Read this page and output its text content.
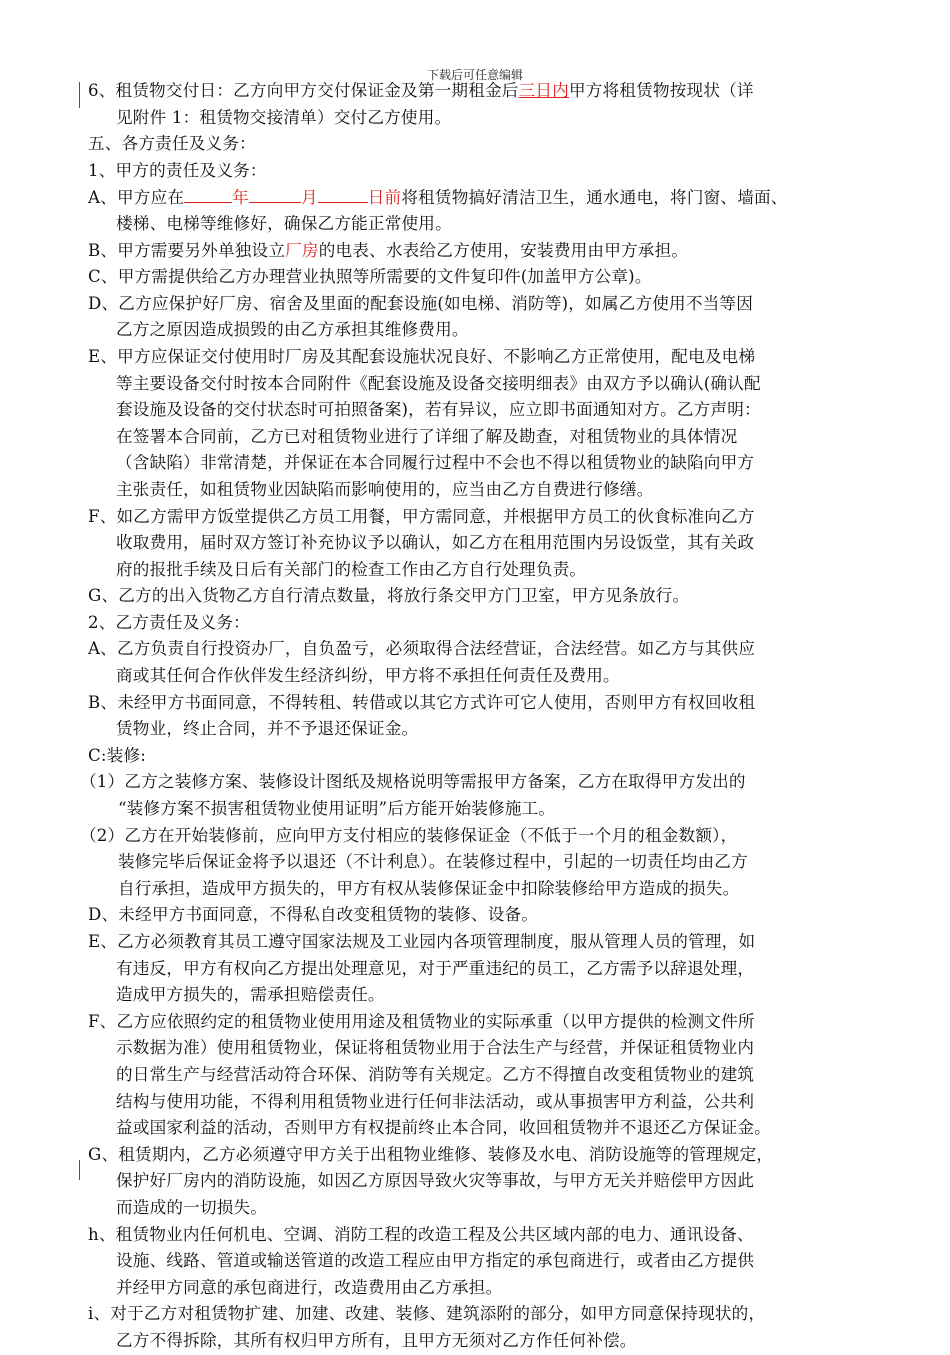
下载后可任意编辑
6、租赁物交付日：乙方向甲方交付保证金及第一期租金后三日内甲方将租赁物按现状（详
见附件 1：租赁物交接清单）交付乙方使用。
五、各方责任及义务：
1、甲方的责任及义务：
A、甲方应在	年	月	日前将租赁物搞好清洁卫生，通水通电，将门窗、墙面、
楼梯、电梯等维修好，确保乙方能正常使用。
B、甲方需要另外单独设立厂房的电表、水表给乙方使用，安装费用由甲方承担。
C、甲方需提供给乙方办理营业执照等所需要的文件复印件(加盖甲方公章)。
D、乙方应保护好厂房、宿舍及里面的配套设施(如电梯、消防等)，如属乙方使用不当等因
乙方之原因造成损毁的由乙方承担其维修费用。
E、甲方应保证交付使用时厂房及其配套设施状况良好、不影响乙方正常使用，配电及电梯
等主要设备交付时按本合同附件《配套设施及设备交接明细表》由双方予以确认(确认配
套设施及设备的交付状态时可拍照备案)，若有异议，应立即书面通知对方。乙方声明：
在签署本合同前，乙方已对租赁物业进行了详细了解及勘查，对租赁物业的具体情况
（含缺陷）非常清楚，并保证在本合同履行过程中不会也不得以租赁物业的缺陷向甲方
主张责任，如租赁物业因缺陷而影响使用的，应当由乙方自费进行修缮。
F、如乙方需甲方饭堂提供乙方员工用餐，甲方需同意，并根据甲方员工的伙食标准向乙方
收取费用，届时双方签订补充协议予以确认，如乙方在租用范围内另设饭堂，其有关政
府的报批手续及日后有关部门的检查工作由乙方自行处理负责。
G、乙方的出入货物乙方自行清点数量，将放行条交甲方门卫室，甲方见条放行。
2、乙方责任及义务：
A、乙方负责自行投资办厂，自负盈亏，必须取得合法经营证，合法经营。如乙方与其供应
商或其任何合作伙伴发生经济纠纷，甲方将不承担任何责任及费用。
B、未经甲方书面同意，不得转租、转借或以其它方式许可它人使用，否则甲方有权回收租
赁物业，终止合同，并不予退还保证金。
C:装修:
（1）乙方之装修方案、装修设计图纸及规格说明等需报甲方备案，乙方在取得甲方发出的
“装修方案不损害租赁物业使用证明”后方能开始装修施工。
（2）乙方在开始装修前，应向甲方支付相应的装修保证金（不低于一个月的租金数额），
装修完毕后保证金将予以退还（不计利息）。在装修过程中，引起的一切责任均由乙方
自行承担，造成甲方损失的，甲方有权从装修保证金中扣除装修给甲方造成的损失。
D、未经甲方书面同意，不得私自改变租赁物的装修、设备。
E、乙方必须教育其员工遵守国家法规及工业园内各项管理制度，服从管理人员的管理，如
有违反，甲方有权向乙方提出处理意见，对于严重违纪的员工，乙方需予以辞退处理，
造成甲方损失的，需承担赔偿责任。
F、乙方应依照约定的租赁物业使用用途及租赁物业的实际承重（以甲方提供的检测文件所
示数据为准）使用租赁物业，保证将租赁物业用于合法生产与经营，并保证租赁物业内
的日常生产与经营活动符合环保、消防等有关规定。乙方不得擅自改变租赁物业的建筑
结构与使用功能，不得利用租赁物业进行任何非法活动，或从事损害甲方利益，公共利
益或国家利益的活动，否则甲方有权提前终止本合同，收回租赁物并不退还乙方保证金。
G、租赁期内，乙方必须遵守甲方关于出租物业维修、装修及水电、消防设施等的管理规定，
保护好厂房内的消防设施，如因乙方原因导致火灾等事故，与甲方无关并赔偿甲方因此
而造成的一切损失。
h、租赁物业内任何机电、空调、消防工程的改造工程及公共区域内部的电力、通讯设备、
设施、线路、管道或输送管道的改造工程应由甲方指定的承包商进行，或者由乙方提供
并经甲方同意的承包商进行，改造费用由乙方承担。
i、对于乙方对租赁物扩建、加建、改建、装修、建筑添附的部分，如甲方同意保持现状的，
乙方不得拆除，其所有权归甲方所有，且甲方无须对乙方作任何补偿。
